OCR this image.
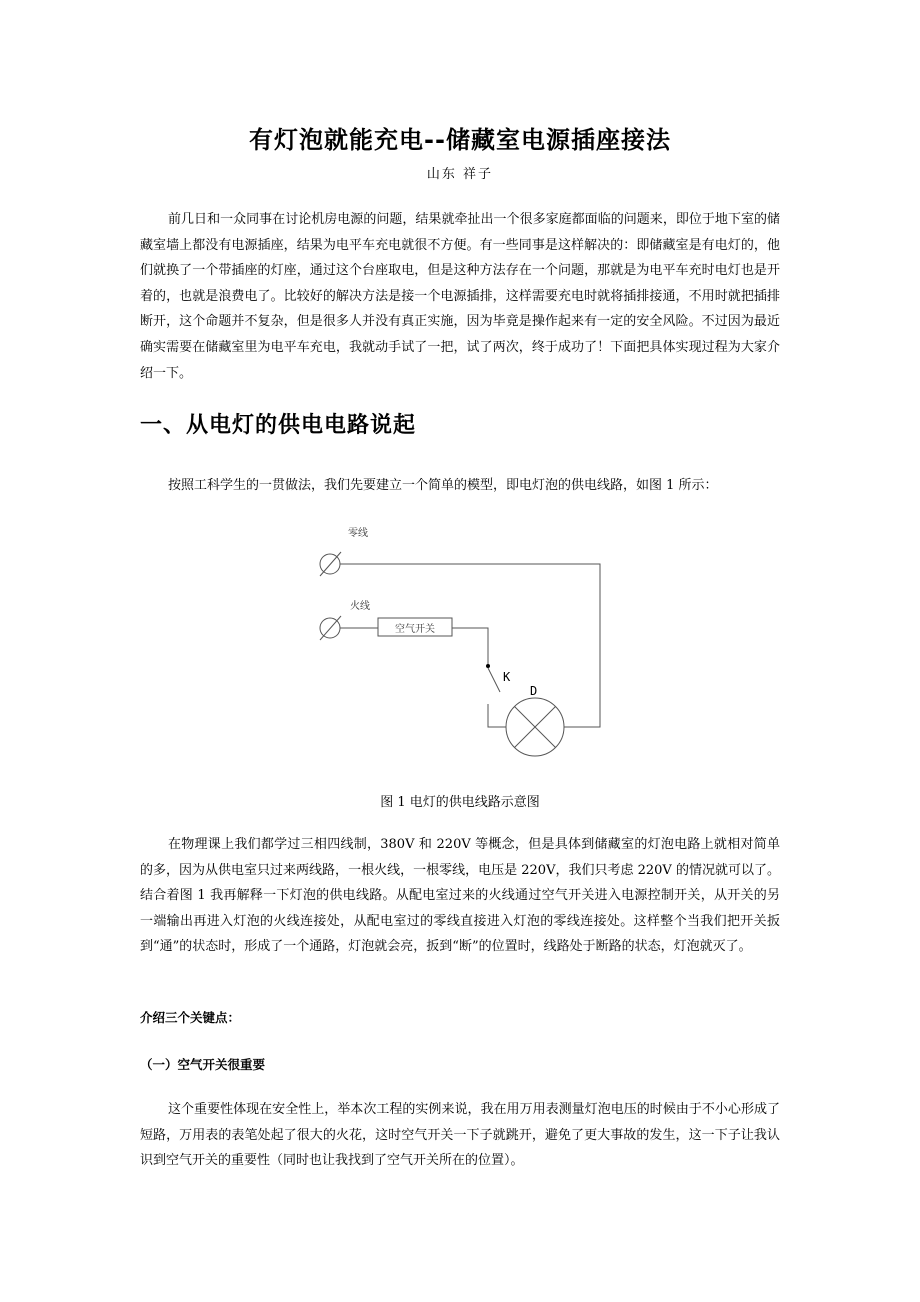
有灯泡就能充电--储藏室电源插座接法
山东 祥子

前几日和一众同事在讨论机房电源的问题，结果就牵扯出一个很多家庭都面临的问题来，即位于地下室的储藏室墙上都没有电源插座，结果为电平车充电就很不方便。有一些同事是这样解决的：即储藏室是有电灯的，他们就换了一个带插座的灯座，通过这个台座取电，但是这种方法存在一个问题，那就是为电平车充时电灯也是开着的，也就是浪费电了。比较好的解决方法是接一个电源插排，这样需要充电时就将插排接通，不用时就把插排断开，这个命题并不复杂，但是很多人并没有真正实施，因为毕竟是操作起来有一定的安全风险。不过因为最近确实需要在储藏室里为电平车充电，我就动手试了一把，试了两次，终于成功了！下面把具体实现过程为大家介绍一下。

一、从电灯的供电电路说起

按照工科学生的一贯做法，我们先要建立一个简单的模型，即电灯泡的供电线路，如图 1 所示：

零线
火线
空气开关
K
D
图 1 电灯的供电线路示意图

在物理课上我们都学过三相四线制，380V 和 220V 等概念，但是具体到储藏室的灯泡电路上就相对简单的多，因为从供电室只过来两线路，一根火线，一根零线，电压是 220V，我们只考虑 220V 的情况就可以了。结合着图 1 我再解释一下灯泡的供电线路。从配电室过来的火线通过空气开关进入电源控制开关，从开关的另一端输出再进入灯泡的火线连接处，从配电室过的零线直接进入灯泡的零线连接处。这样整个当我们把开关扳到“通”的状态时，形成了一个通路，灯泡就会亮，扳到“断”的位置时，线路处于断路的状态，灯泡就灭了。

介绍三个关键点：
（一）空气开关很重要

这个重要性体现在安全性上，举本次工程的实例来说，我在用万用表测量灯泡电压的时候由于不小心形成了短路，万用表的表笔处起了很大的火花，这时空气开关一下子就跳开，避免了更大事故的发生，这一下子让我认识到空气开关的重要性（同时也让我找到了空气开关所在的位置）。
